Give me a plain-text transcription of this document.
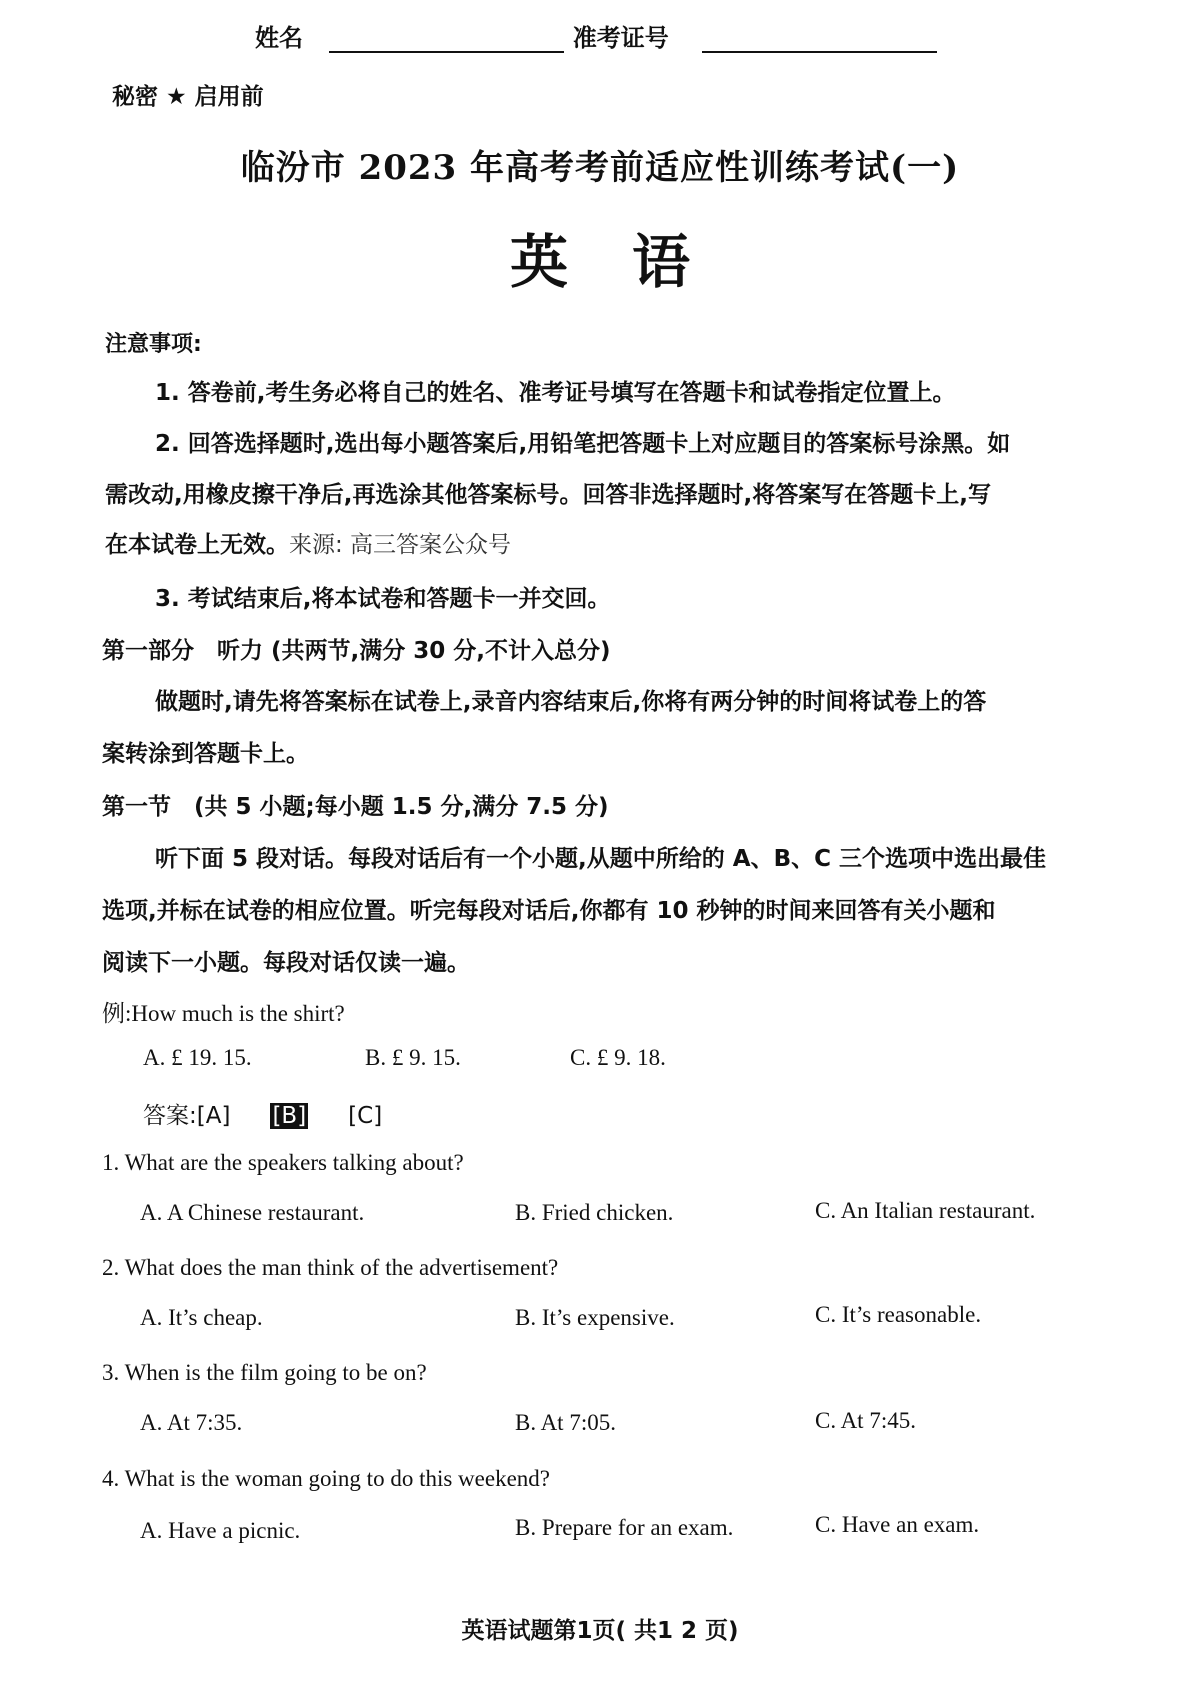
姓名	准考证号
秘密 ★ 启用前
临汾市 2023 年高考考前适应性训练考试(一)
英语
注意事项:
1. 答卷前,考生务必将自己的姓名、准考证号填写在答题卡和试卷指定位置上。
2. 回答选择题时,选出每小题答案后,用铅笔把答题卡上对应题目的答案标号涂黑。如
需改动,用橡皮擦干净后,再选涂其他答案标号。回答非选择题时,将答案写在答题卡上,写
在本试卷上无效。来源: 高三答案公众号
3. 考试结束后,将本试卷和答题卡一并交回。
第一部分　听力 (共两节,满分 30 分,不计入总分)
做题时,请先将答案标在试卷上,录音内容结束后,你将有两分钟的时间将试卷上的答
案转涂到答题卡上。
第一节　(共 5 小题;每小题 1.5 分,满分 7.5 分)
听下面 5 段对话。每段对话后有一个小题,从题中所给的 A、B、C 三个选项中选出最佳
选项,并标在试卷的相应位置。听完每段对话后,你都有 10 秒钟的时间来回答有关小题和
阅读下一小题。每段对话仅读一遍。
例:How much is the shirt?
A. £ 19. 15.	B. £ 9. 15.	C. £ 9. 18.
答案:[A] [B] [C]
1. What are the speakers talking about?
A. A Chinese restaurant.	B. Fried chicken.	C. An Italian restaurant.
2. What does the man think of the advertisement?
A. It’s cheap.	B. It’s expensive.	C. It’s reasonable.
3. When is the film going to be on?
A. At 7:35.	B. At 7:05.	C. At 7:45.
4. What is the woman going to do this weekend?
A. Have a picnic.	B. Prepare for an exam.	C. Have an exam.
英语试题第1页( 共1 2 页)
